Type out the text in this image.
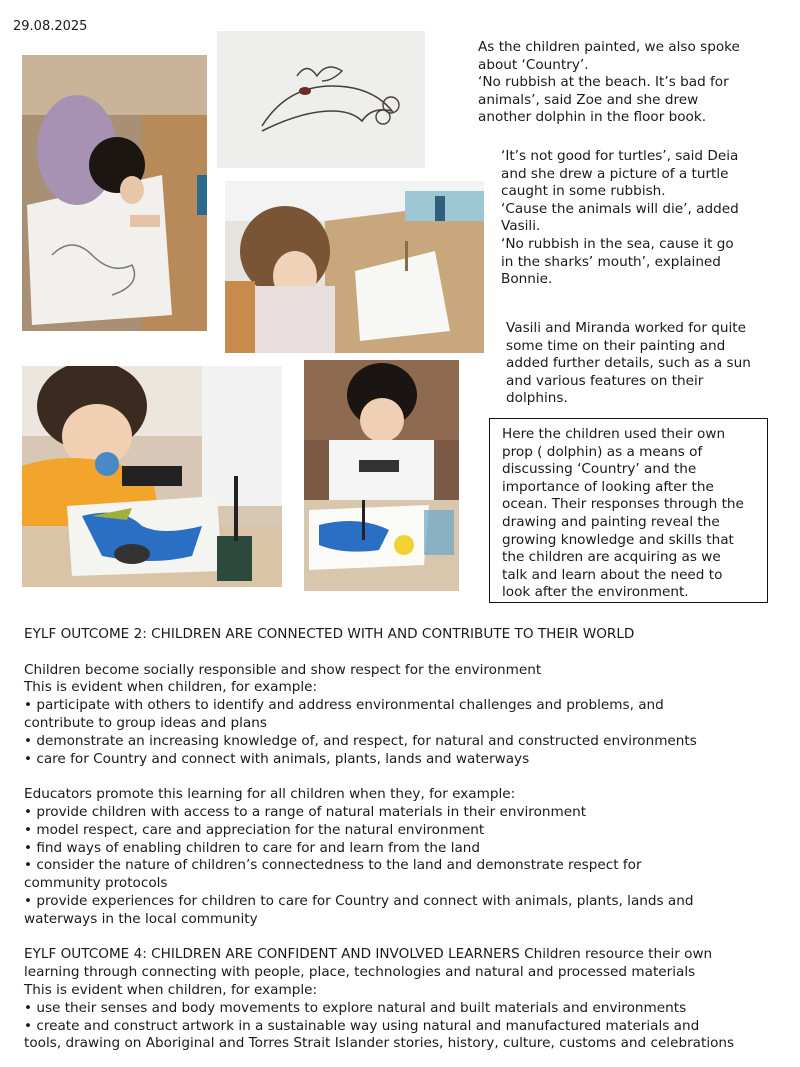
29.08.2025

As the children painted, we also spoke

about ‘Country’.

‘No rubbish at the beach. It’s bad for

animals’, said Zoe and she drew

another dolphin in the floor book.

‘It’s not good for turtles’, said Deia

and she drew a picture of a turtle

caught in some rubbish.

‘Cause the animals will die’, added

Vasili.

‘No rubbish in the sea, cause it go

in the sharks’ mouth’, explained

Bonnie.

Vasili and Miranda worked for quite

some time on their painting and

added further details, such as a sun

and various features on their

dolphins.

Here the children used their own

prop ( dolphin) as a means of

discussing ‘Country’ and the

importance of looking after the

ocean. Their responses through the

drawing and painting reveal the

growing knowledge and skills that

the children are acquiring as we

talk and learn about the need to

look after the environment.

EYLF OUTCOME 2: CHILDREN ARE CONNECTED WITH AND CONTRIBUTE TO THEIR WORLD

Children become socially responsible and show respect for the environment

This is evident when children, for example:

• participate with others to identify and address environmental challenges and problems, and

contribute to group ideas and plans

• demonstrate an increasing knowledge of, and respect, for natural and constructed environments

• care for Country and connect with animals, plants, lands and waterways

Educators promote this learning for all children when they, for example:

• provide children with access to a range of natural materials in their environment

• model respect, care and appreciation for the natural environment

• find ways of enabling children to care for and learn from the land

• consider the nature of children’s connectedness to the land and demonstrate respect for

community protocols

• provide experiences for children to care for Country and connect with animals, plants, lands and

waterways in the local community

EYLF OUTCOME 4: CHILDREN ARE CONFIDENT AND INVOLVED LEARNERS Children resource their own

learning through connecting with people, place, technologies and natural and processed materials

This is evident when children, for example:

• use their senses and body movements to explore natural and built materials and environments

• create and construct artwork in a sustainable way using natural and manufactured materials and

tools, drawing on Aboriginal and Torres Strait Islander stories, history, culture, customs and celebrations
